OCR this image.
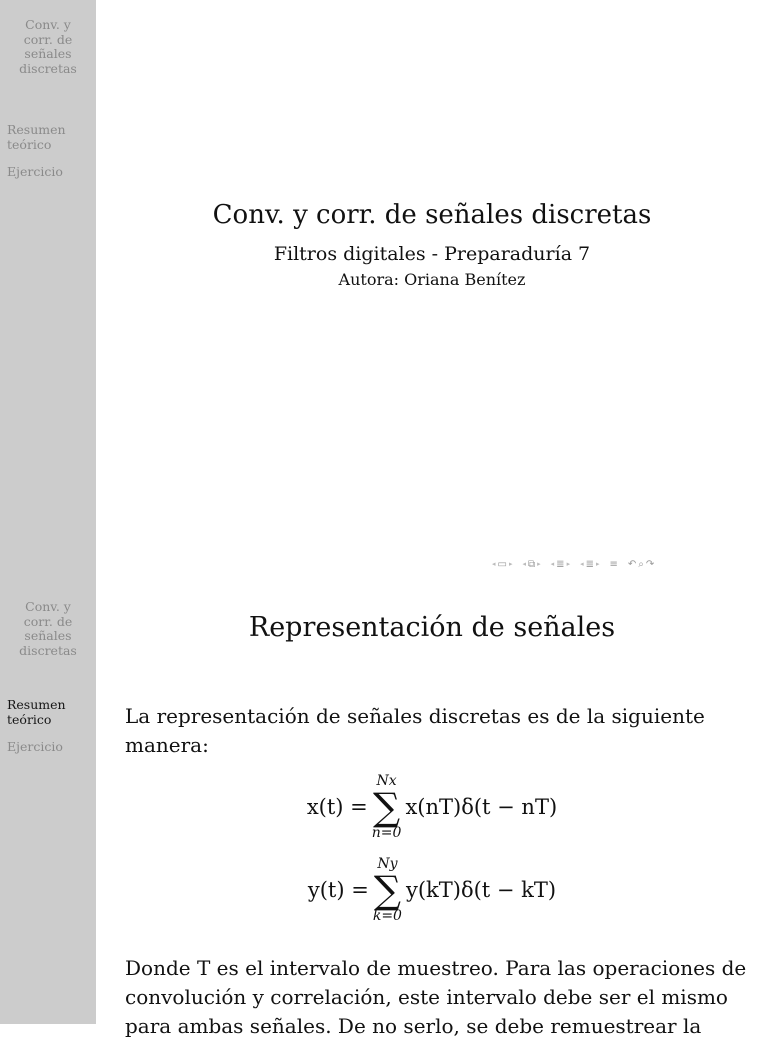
Conv. y
corr. de
señales
discretas
Resumen
teórico
Ejercicio
Conv. y corr. de señales discretas
Filtros digitales - Preparaduría 7
Autora: Oriana Benítez
◂ ▭ ▸ ◂ ⧉ ▸ ◂ ≣ ▸ ◂ ≣ ▸ ≡ ↶ ⌕ ↷
Conv. y
corr. de
señales
discretas
Resumen
teórico
Ejercicio
Representación de señales
La representación de señales discretas es de la siguiente manera:
x(t) =
Nx
∑
n=0
x(nT)δ(t − nT)
y(t) =
Ny
∑
k=0
y(kT)δ(t − kT)
Donde T es el intervalo de muestreo. Para las operaciones de convolución y correlación, este intervalo debe ser el mismo para ambas señales. De no serlo, se debe remuestrear la
